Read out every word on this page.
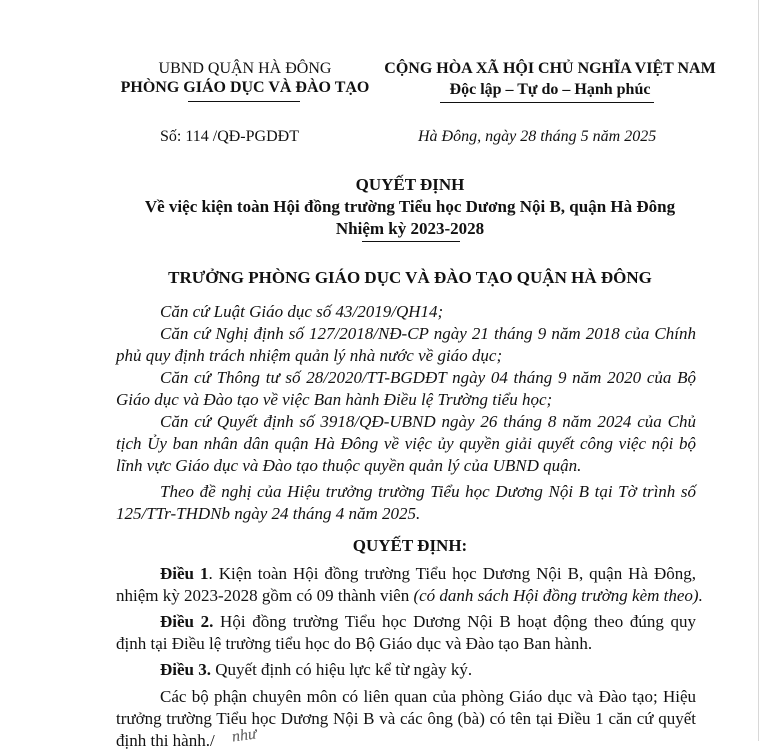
UBND QUẬN HÀ ĐÔNG
PHÒNG GIÁO DỤC VÀ ĐÀO TẠO
CỘNG HÒA XÃ HỘI CHỦ NGHĨA VIỆT NAM
Độc lập – Tự do – Hạnh phúc
Số: 114 /QĐ-PGDĐT	Hà Đông, ngày 28 tháng 5 năm 2025
QUYẾT ĐỊNH
Về việc kiện toàn Hội đồng trường Tiểu học Dương Nội B, quận Hà Đông
Nhiệm kỳ 2023-2028
TRƯỞNG PHÒNG GIÁO DỤC VÀ ĐÀO TẠO QUẬN HÀ ĐÔNG
Căn cứ Luật Giáo dục số 43/2019/QH14;
Căn cứ Nghị định số 127/2018/NĐ-CP ngày 21 tháng 9 năm 2018 của Chính
phủ quy định trách nhiệm quản lý nhà nước về giáo dục;
Căn cứ Thông tư số 28/2020/TT-BGDĐT ngày 04 tháng 9 năm 2020 của Bộ
Giáo dục và Đào tạo về việc Ban hành Điều lệ Trường tiểu học;
Căn cứ Quyết định số 3918/QĐ-UBND ngày 26 tháng 8 năm 2024 của Chủ
tịch Ủy ban nhân dân quận Hà Đông về việc ủy quyền giải quyết công việc nội bộ
lĩnh vực Giáo dục và Đào tạo thuộc quyền quản lý của UBND quận.
Theo đề nghị của Hiệu trưởng trường Tiểu học Dương Nội B tại Tờ trình số
125/TTr-THDNb ngày 24 tháng 4 năm 2025.
QUYẾT ĐỊNH:
Điều 1. Kiện toàn Hội đồng trường Tiểu học Dương Nội B, quận Hà Đông,
nhiệm kỳ 2023-2028 gồm có 09 thành viên (có danh sách Hội đồng trường kèm theo).
Điều 2. Hội đồng trường Tiểu học Dương Nội B hoạt động theo đúng quy
định tại Điều lệ trường tiểu học do Bộ Giáo dục và Đào tạo Ban hành.
Điều 3. Quyết định có hiệu lực kể từ ngày ký.
Các bộ phận chuyên môn có liên quan của phòng Giáo dục và Đào tạo; Hiệu
trưởng trường Tiểu học Dương Nội B và các ông (bà) có tên tại Điều 1 căn cứ quyết
định thi hành./	như
